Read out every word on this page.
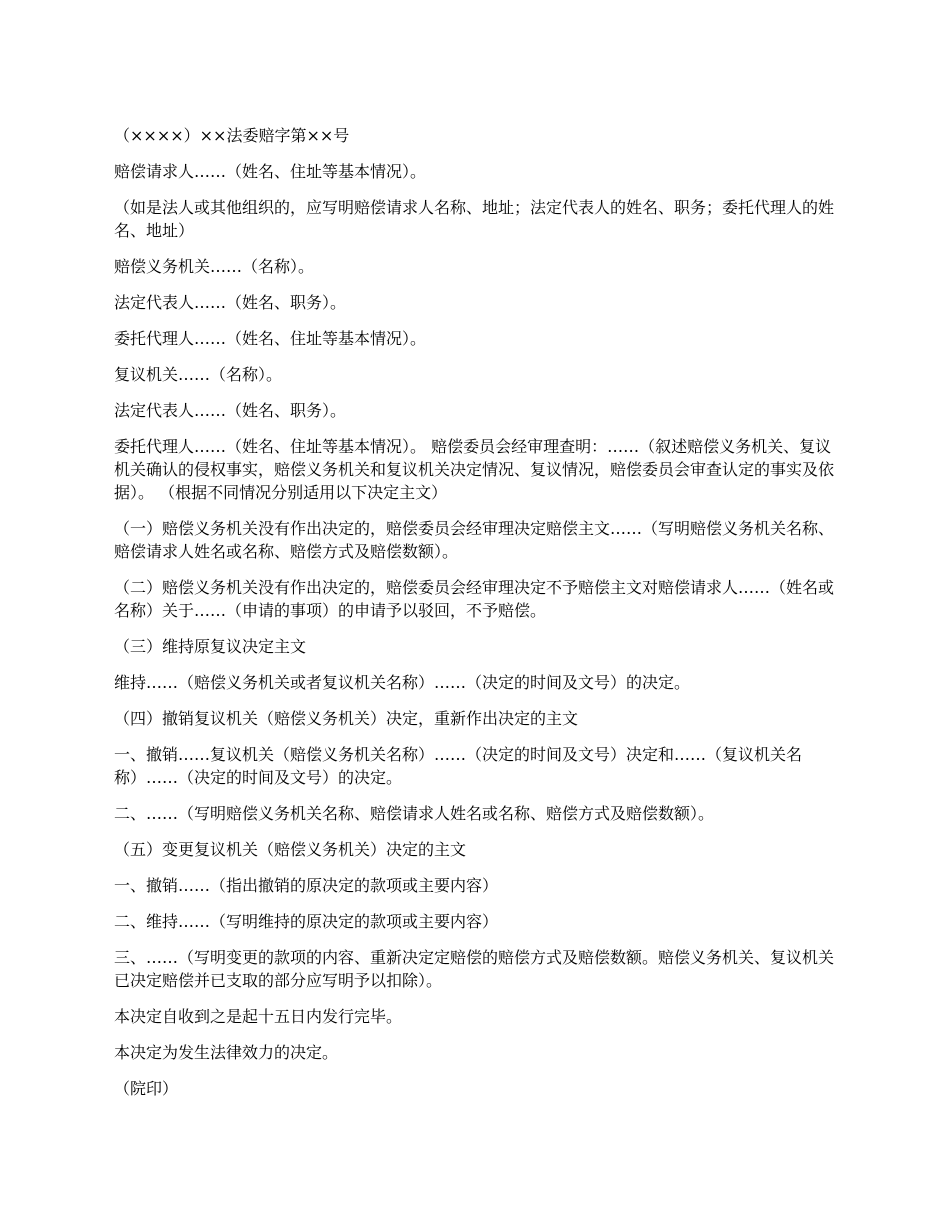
（××××）××法委赔字第××号

赔偿请求人……（姓名、住址等基本情况）。

（如是法人或其他组织的，应写明赔偿请求人名称、地址；法定代表人的姓名、职务；委托代理人的姓名、地址）

赔偿义务机关……（名称）。

法定代表人……（姓名、职务）。

委托代理人……（姓名、住址等基本情况）。

复议机关……（名称）。

法定代表人……（姓名、职务）。

委托代理人……（姓名、住址等基本情况）。 赔偿委员会经审理查明：……（叙述赔偿义务机关、复议机关确认的侵权事实，赔偿义务机关和复议机关决定情况、复议情况，赔偿委员会审查认定的事实及依据）。 （根据不同情况分别适用以下决定主文）

（一）赔偿义务机关没有作出决定的，赔偿委员会经审理决定赔偿主文……（写明赔偿义务机关名称、赔偿请求人姓名或名称、赔偿方式及赔偿数额）。

（二）赔偿义务机关没有作出决定的，赔偿委员会经审理决定不予赔偿主文对赔偿请求人……（姓名或名称）关于……（申请的事项）的申请予以驳回，不予赔偿。

（三）维持原复议决定主文

维持……（赔偿义务机关或者复议机关名称）……（决定的时间及文号）的决定。

（四）撤销复议机关（赔偿义务机关）决定，重新作出决定的主文

一、撤销……复议机关（赔偿义务机关名称）……（决定的时间及文号）决定和……（复议机关名称）……（决定的时间及文号）的决定。

二、……（写明赔偿义务机关名称、赔偿请求人姓名或名称、赔偿方式及赔偿数额）。

（五）变更复议机关（赔偿义务机关）决定的主文

一、撤销……（指出撤销的原决定的款项或主要内容）

二、维持……（写明维持的原决定的款项或主要内容）

三、……（写明变更的款项的内容、重新决定定赔偿的赔偿方式及赔偿数额。赔偿义务机关、复议机关已决定赔偿并已支取的部分应写明予以扣除）。

本决定自收到之是起十五日内发行完毕。

本决定为发生法律效力的决定。

（院印）
